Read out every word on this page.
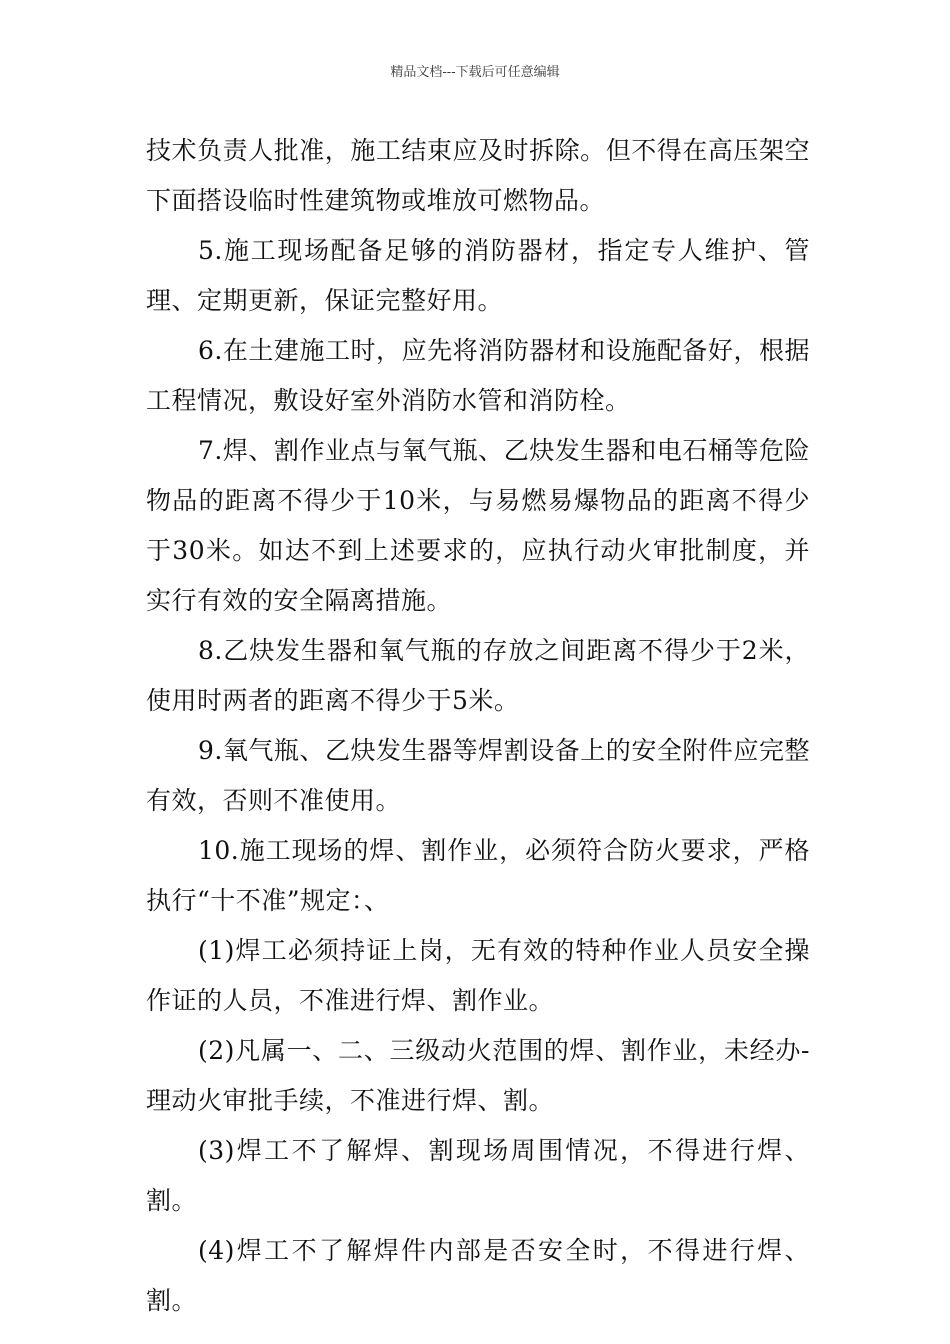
精品文档---下载后可任意编辑

技术负责人批准，施工结束应及时拆除。但不得在高压架空下面搭设临时性建筑物或堆放可燃物品。

5.施工现场配备足够的消防器材，指定专人维护、管理、定期更新，保证完整好用。

6.在土建施工时，应先将消防器材和设施配备好，根据工程情况，敷设好室外消防水管和消防栓。

7.焊、割作业点与氧气瓶、乙炔发生器和电石桶等危险物品的距离不得少于10米，与易燃易爆物品的距离不得少于30米。如达不到上述要求的，应执行动火审批制度，并实行有效的安全隔离措施。

8.乙炔发生器和氧气瓶的存放之间距离不得少于2米，使用时两者的距离不得少于5米。

9.氧气瓶、乙炔发生器等焊割设备上的安全附件应完整有效，否则不准使用。

10.施工现场的焊、割作业，必须符合防火要求，严格执行“十不准”规定：、

(1)焊工必须持证上岗，无有效的特种作业人员安全操作证的人员，不准进行焊、割作业。

(2)凡属一、二、三级动火范围的焊、割作业，未经办-理动火审批手续，不准进行焊、割。

(3)焊工不了解焊、割现场周围情况，不得进行焊、割。

(4)焊工不了解焊件内部是否安全时，不得进行焊、割。
